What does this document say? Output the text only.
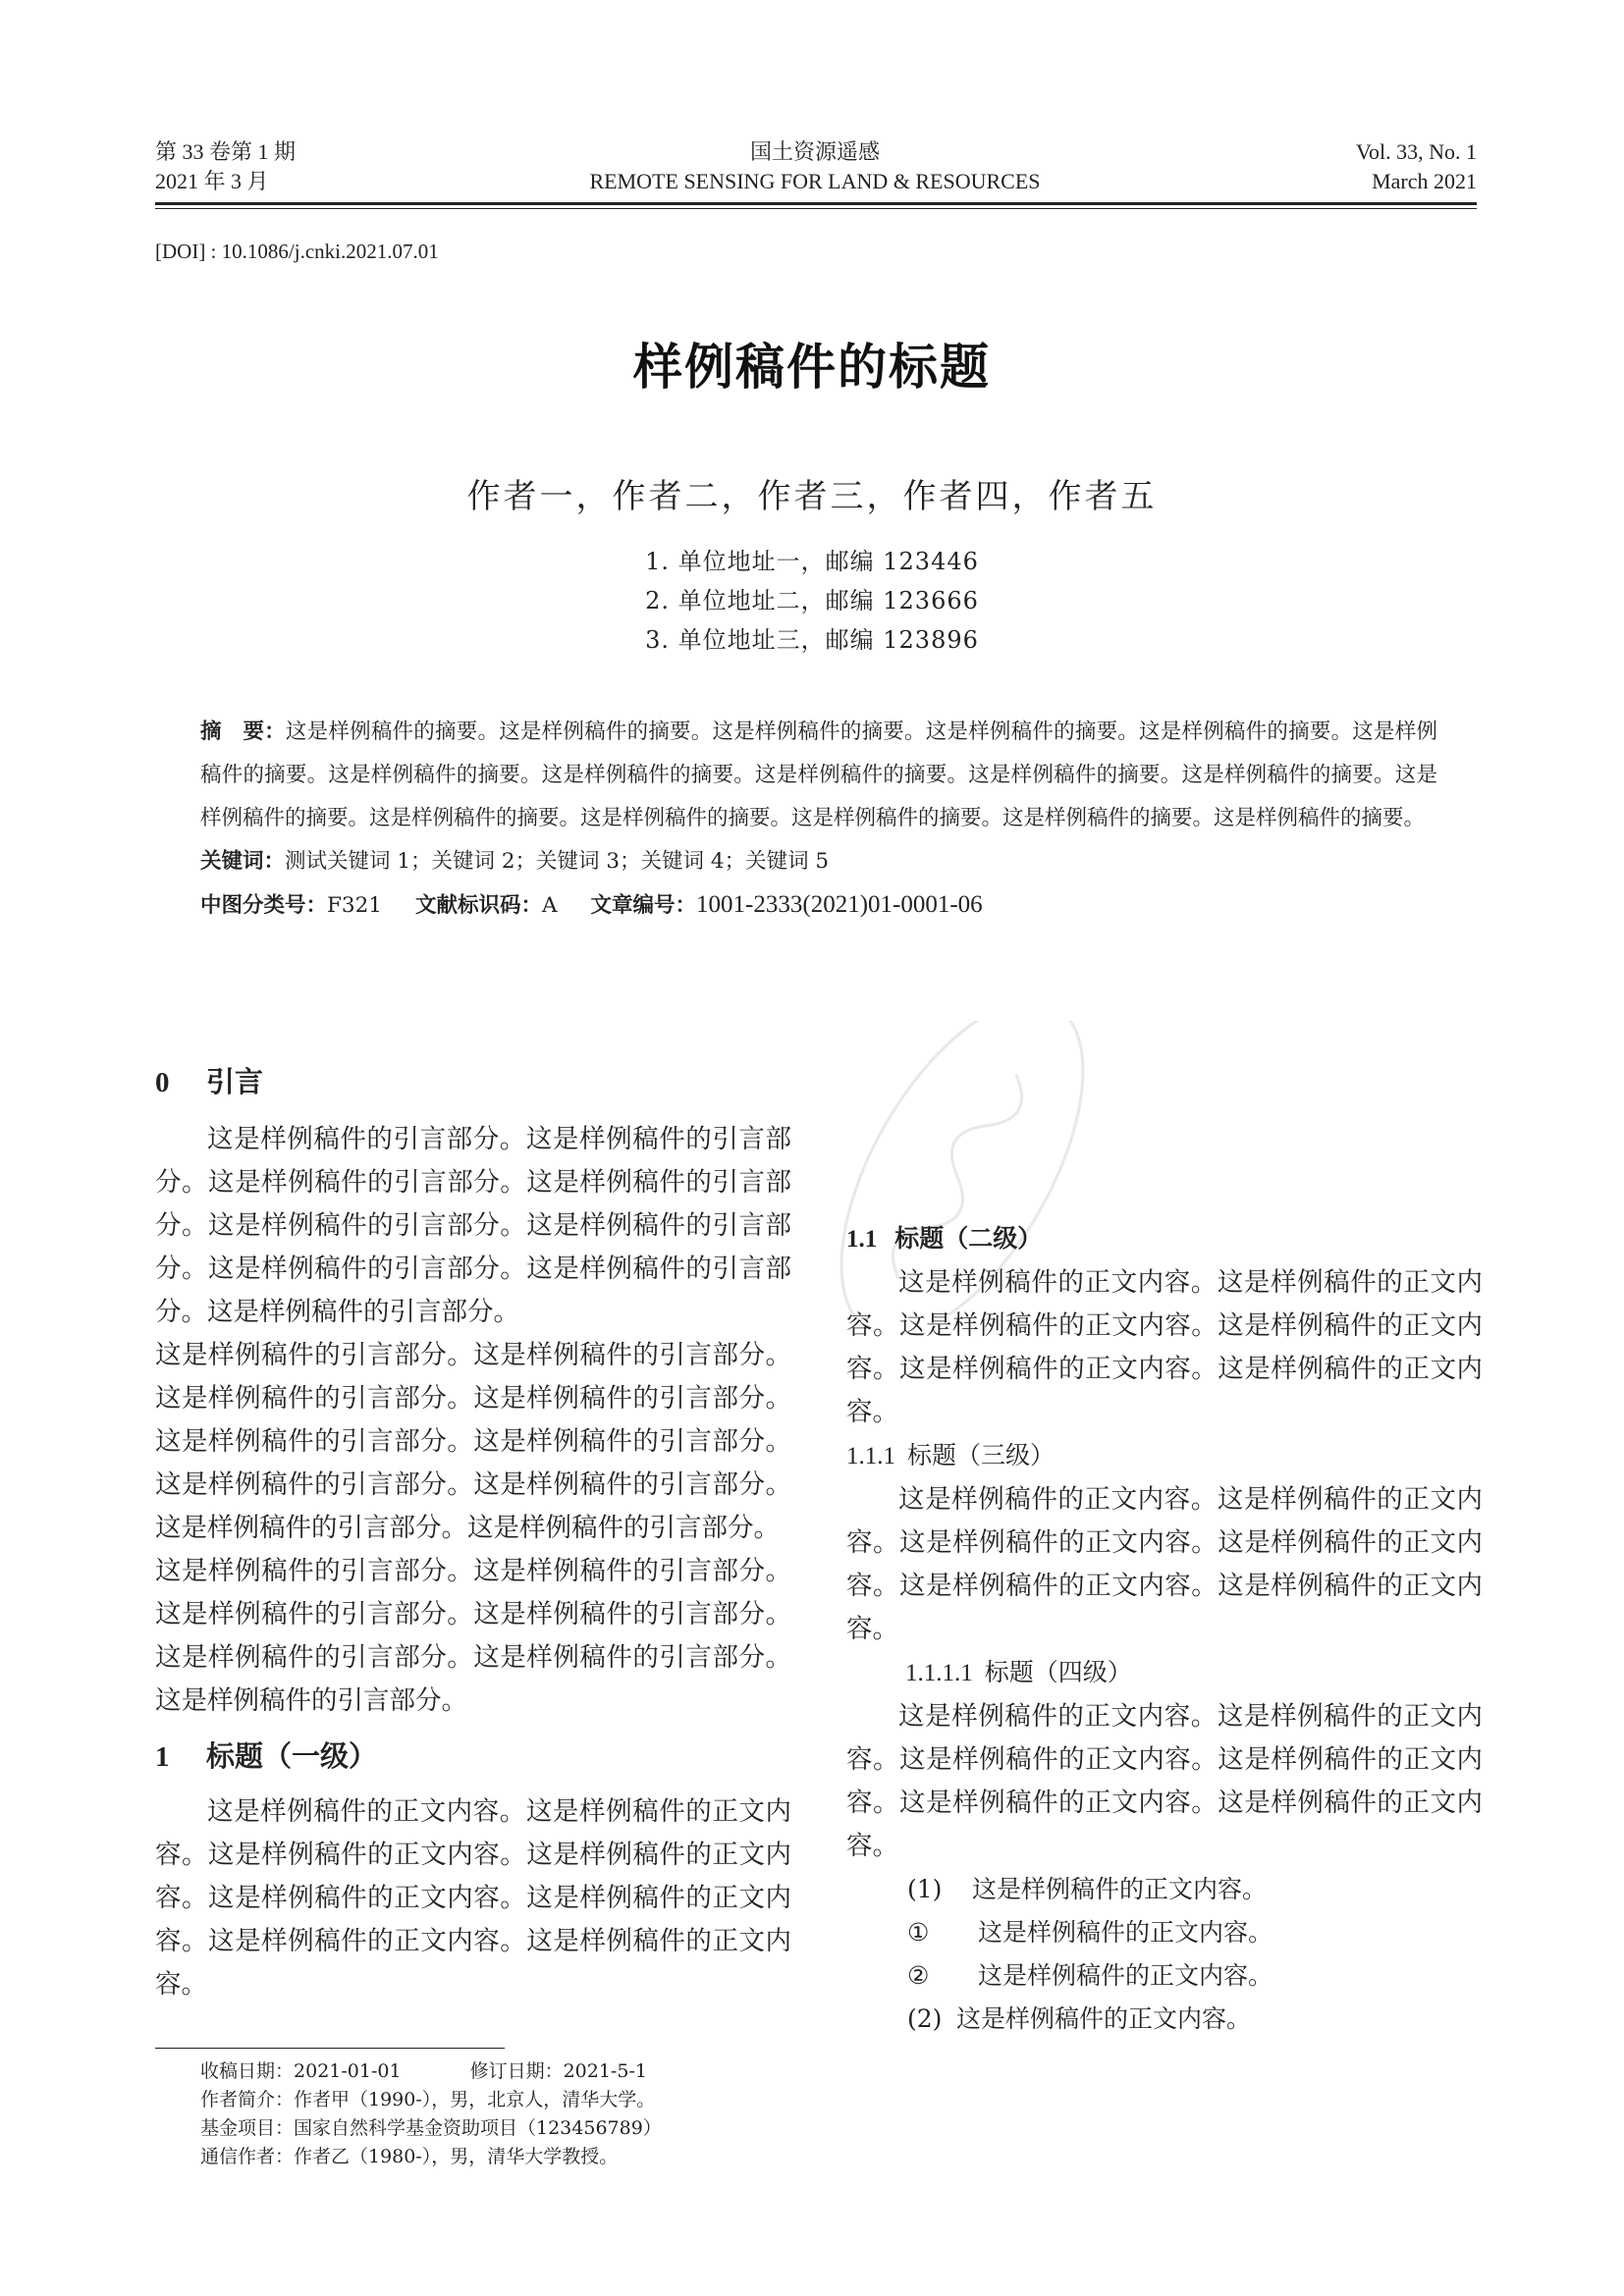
第 33 卷第 1 期
2021 年 3 月
国土资源遥感
REMOTE SENSING FOR LAND & RESOURCES
Vol. 33, No. 1
March 2021
[DOI] : 10.1086/j.cnki.2021.07.01
样例稿件的标题
作者一，作者二，作者三，作者四，作者五
1. 单位地址一，邮编 123446
2. 单位地址二，邮编 123666
3. 单位地址三，邮编 123896

摘　要：这是样例稿件的摘要。这是样例稿件的摘要。这是样例稿件的摘要。这是样例稿件的摘要。这是样例稿件的摘要。这是样例稿件的摘要。这是样例稿件的摘要。这是样例稿件的摘要。这是样例稿件的摘要。这是样例稿件的摘要。这是样例稿件的摘要。这是样例稿件的摘要。这是样例稿件的摘要。这是样例稿件的摘要。这是样例稿件的摘要。这是样例稿件的摘要。这是样例稿件的摘要。

关键词：测试关键词 1；关键词 2；关键词 3；关键词 4；关键词 5

中图分类号：F321 文献标识码：A 文章编号：1001-2333(2021)01-0001-06

0 引言

这是样例稿件的引言部分。这是样例稿件的引言部分。这是样例稿件的引言部分。这是样例稿件的引言部分。这是样例稿件的引言部分。这是样例稿件的引言部分。这是样例稿件的引言部分。这是样例稿件的引言部分。这是样例稿件的引言部分。

这是样例稿件的引言部分。这是样例稿件的引言部分。这是样例稿件的引言部分。这是样例稿件的引言部分。这是样例稿件的引言部分。这是样例稿件的引言部分。这是样例稿件的引言部分。这是样例稿件的引言部分。这是样例稿件的引言部分。这是样例稿件的引言部分。

这是样例稿件的引言部分。这是样例稿件的引言部分。这是样例稿件的引言部分。这是样例稿件的引言部分。这是样例稿件的引言部分。这是样例稿件的引言部分。这是样例稿件的引言部分。

1 标题（一级）

这是样例稿件的正文内容。这是样例稿件的正文内容。这是样例稿件的正文内容。这是样例稿件的正文内容。这是样例稿件的正文内容。这是样例稿件的正文内容。这是样例稿件的正文内容。这是样例稿件的正文内容。

1.1 标题（二级）

这是样例稿件的正文内容。这是样例稿件的正文内容。这是样例稿件的正文内容。这是样例稿件的正文内容。这是样例稿件的正文内容。这是样例稿件的正文内容。

1.1.1 标题（三级）

这是样例稿件的正文内容。这是样例稿件的正文内容。这是样例稿件的正文内容。这是样例稿件的正文内容。这是样例稿件的正文内容。这是样例稿件的正文内容。

1.1.1.1 标题（四级）

这是样例稿件的正文内容。这是样例稿件的正文内容。这是样例稿件的正文内容。这是样例稿件的正文内容。这是样例稿件的正文内容。这是样例稿件的正文内容。

(1) 这是样例稿件的正文内容。

① 这是样例稿件的正文内容。

② 这是样例稿件的正文内容。

(2) 这是样例稿件的正文内容。

收稿日期：2021-01-01	修订日期：2021-5-1

作者简介：作者甲（1990-），男，北京人，清华大学。

基金项目：国家自然科学基金资助项目（123456789）

通信作者：作者乙（1980-），男，清华大学教授。
